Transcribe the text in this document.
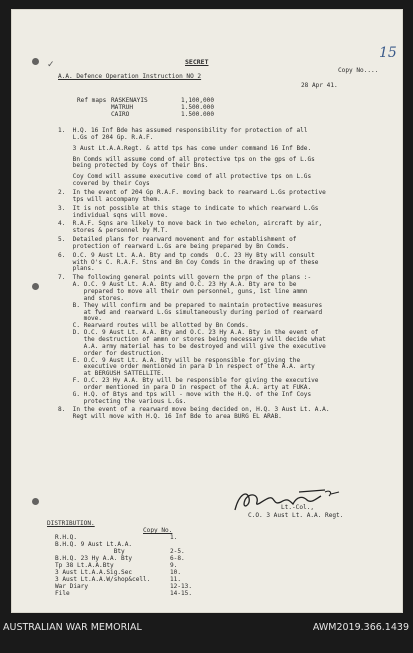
✓
15
SECRET
Copy No....
A.A. Defence Operation Instruction NO 2
28 Apr 41.
Ref maps RASKENAYIS	1,100,000
MATRUH	1.500.000
CAIRO	1.500.000
1.  H.Q. 16 Inf Bde has assumed responsibility for protection of all
L.Gs of 204 Gp. R.A.F.
3 Aust Lt.A.A.Regt. & attd tps has come under command 16 Inf Bde.
Bn Comds will assume comd of all protective tps on the gps of L.Gs
being protected by Coys of their Bns.
Coy Comd will assume executive comd of all protective tps on L.Gs
covered by their Coys
2.  In the event of 204 Gp R.A.F. moving back to rearward L.Gs protective
tps will accompany them.
3.  It is not possible at this stage to indicate to which rearward L.Gs
individual sqns will move.
4.  R.A.F. Sqns are likely to move back in two echelon, aircraft by air,
stores & personnel by M.T.
5.  Detailed plans for rearward movement and for establishment of
protection of rearward L.Gs are being prepared by Bn Comds.
6.  O.C. 9 Aust Lt. A.A. Bty and tp comds  O.C. 23 Hy Bty will consult
with O's C. R.A.F. Stns and Bn Coy Comds in the drawing up of these
plans.
7.  The following general points will govern the prpn of the plans :-
A. O.C. 9 Aust Lt. A.A. Bty and O.C. 23 Hy A.A. Bty are to be
prepared to move all their own personnel, guns, 1st line ammn
and stores.
B. They will confirm and be prepared to maintain protective measures
at fwd and rearward L.Gs simultaneously during period of rearward
move.
C. Rearward routes will be allotted by Bn Comds.
D. O.C. 9 Aust Lt. A.A. Bty and O.C. 23 Hy A.A. Bty in the event of
the destruction of ammn or stores being necessary will decide what
A.A. army material has to be destroyed and will give the executive
order for destruction.
E. O.C. 9 Aust Lt. A.A. Bty will be responsible for giving the
executive order mentioned in para D in respect of the A.A. arty
at BERGUSH SATTELLITE.
F. O.C. 23 Hy A.A. Bty will be responsible for giving the executive
order mentioned in para D in respect of the A.A. arty at FUKA.
G. H.Q. of Btys and tps will - move with the H.Q. of the Inf Coys
protecting the various L.Gs.
8.  In the event of a rearward move being decided on, H.Q. 3 Aust Lt. A.A.
Regt will move with H.Q. 16 Inf Bde to area BURG EL ARAB.
Lt.-Col.,
C.O. 3 Aust Lt. A.A. Regt.
DISTRIBUTION.
Copy No.
R.H.Q.	1.
B.H.Q. 9 Aust Lt.A.A.
Bty	2-5.
B.H.Q. 23 Hy A.A. Bty	6-8.
Tp 38 Lt.A.A.Bty	9.
3 Aust Lt.A.A.Sig.Sec	10.
3 Aust Lt.A.A.W/shop&cell.	11.
War Diary	12-13.
File	14-15.
AUSTRALIAN WAR MEMORIAL	AWM2019.366.1439
